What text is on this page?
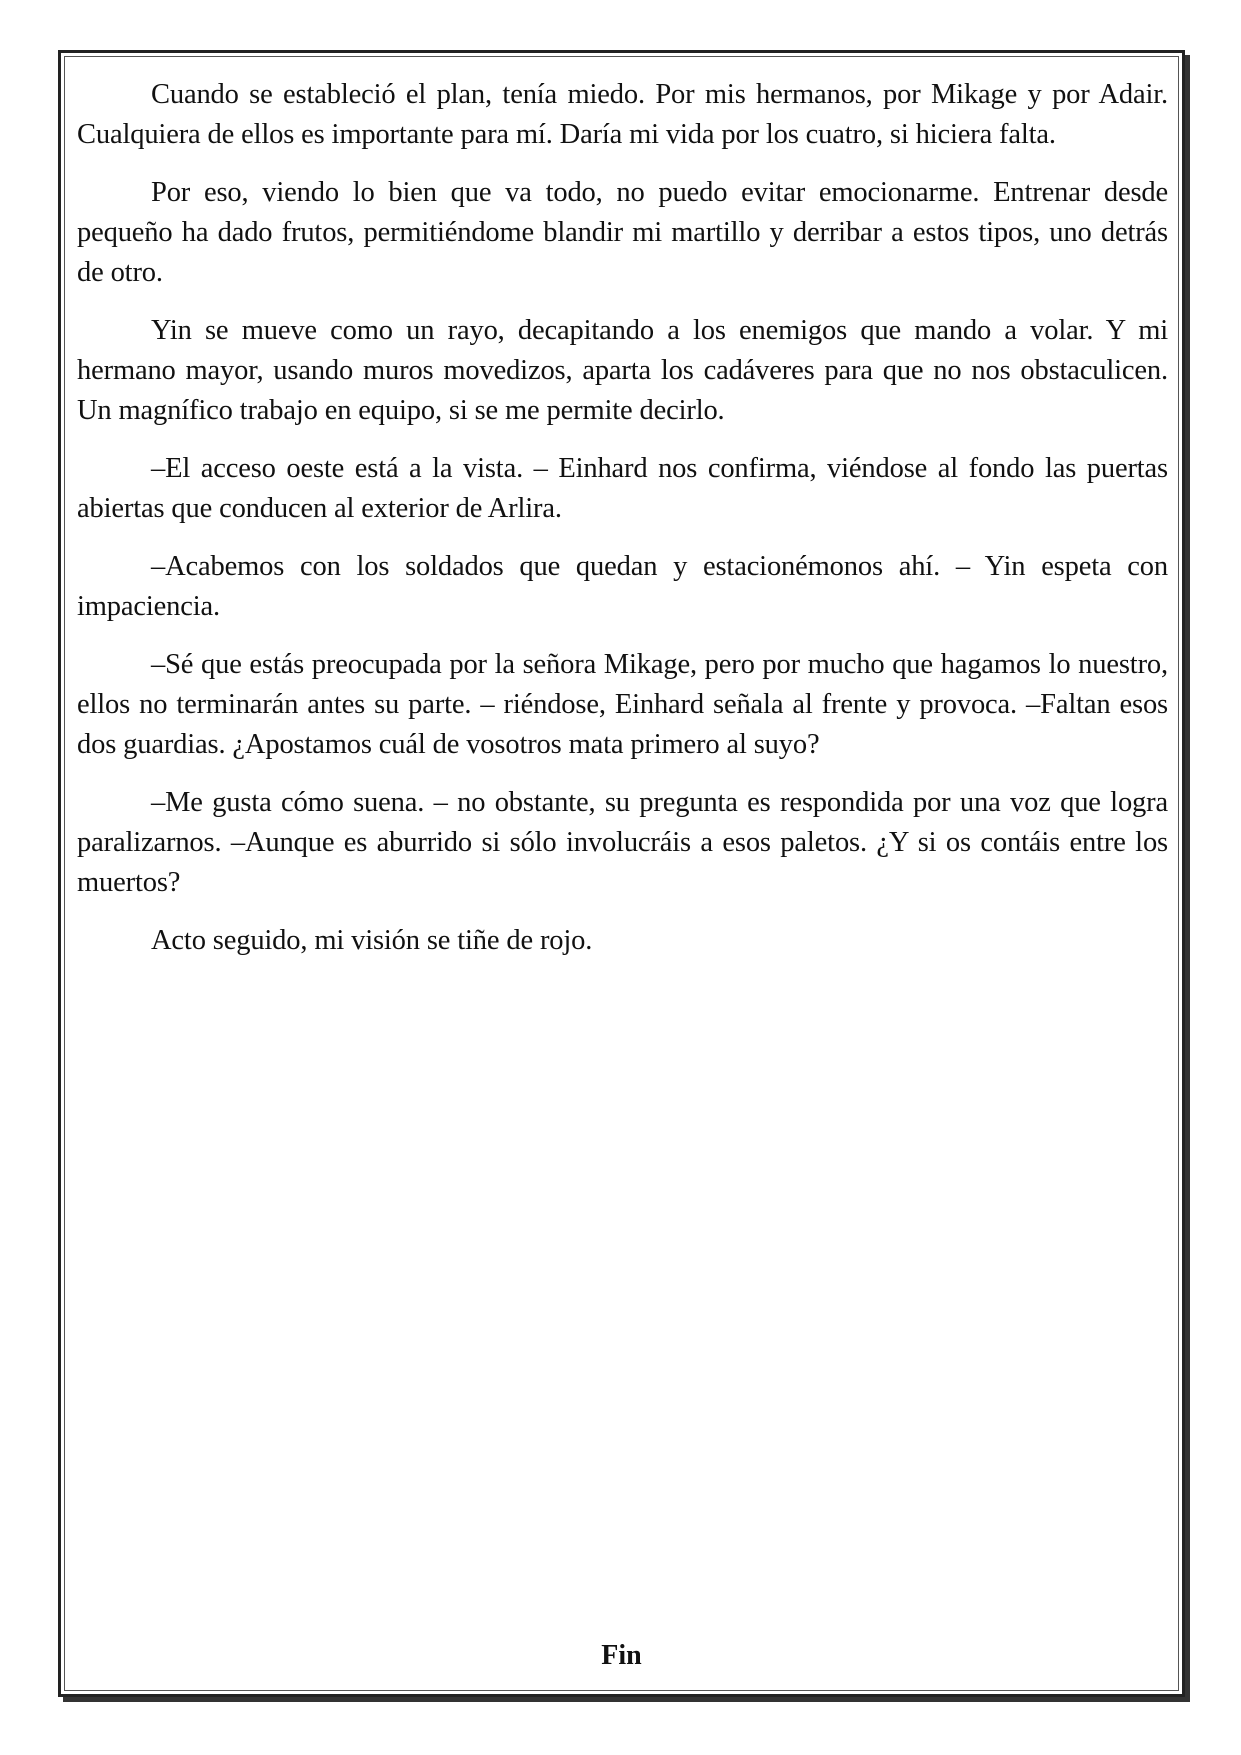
Cuando se estableció el plan, tenía miedo. Por mis hermanos, por Mikage y por Adair. Cualquiera de ellos es importante para mí. Daría mi vida por los cuatro, si hiciera falta.

Por eso, viendo lo bien que va todo, no puedo evitar emocionarme. Entrenar desde pequeño ha dado frutos, permitiéndome blandir mi martillo y derribar a estos tipos, uno detrás de otro.

Yin se mueve como un rayo, decapitando a los enemigos que mando a volar. Y mi hermano mayor, usando muros movedizos, aparta los cadáveres para que no nos obstaculicen. Un magnífico trabajo en equipo, si se me permite decirlo.

–El acceso oeste está a la vista. – Einhard nos confirma, viéndose al fondo las puertas abiertas que conducen al exterior de Arlira.

–Acabemos con los soldados que quedan y estacionémonos ahí. – Yin espeta con impaciencia.

–Sé que estás preocupada por la señora Mikage, pero por mucho que hagamos lo nuestro, ellos no terminarán antes su parte. – riéndose, Einhard señala al frente y provoca. –Faltan esos dos guardias. ¿Apostamos cuál de vosotros mata primero al suyo?

–Me gusta cómo suena. – no obstante, su pregunta es respondida por una voz que logra paralizarnos. –Aunque es aburrido si sólo involucráis a esos paletos. ¿Y si os contáis entre los muertos?

Acto seguido, mi visión se tiñe de rojo.

Fin
